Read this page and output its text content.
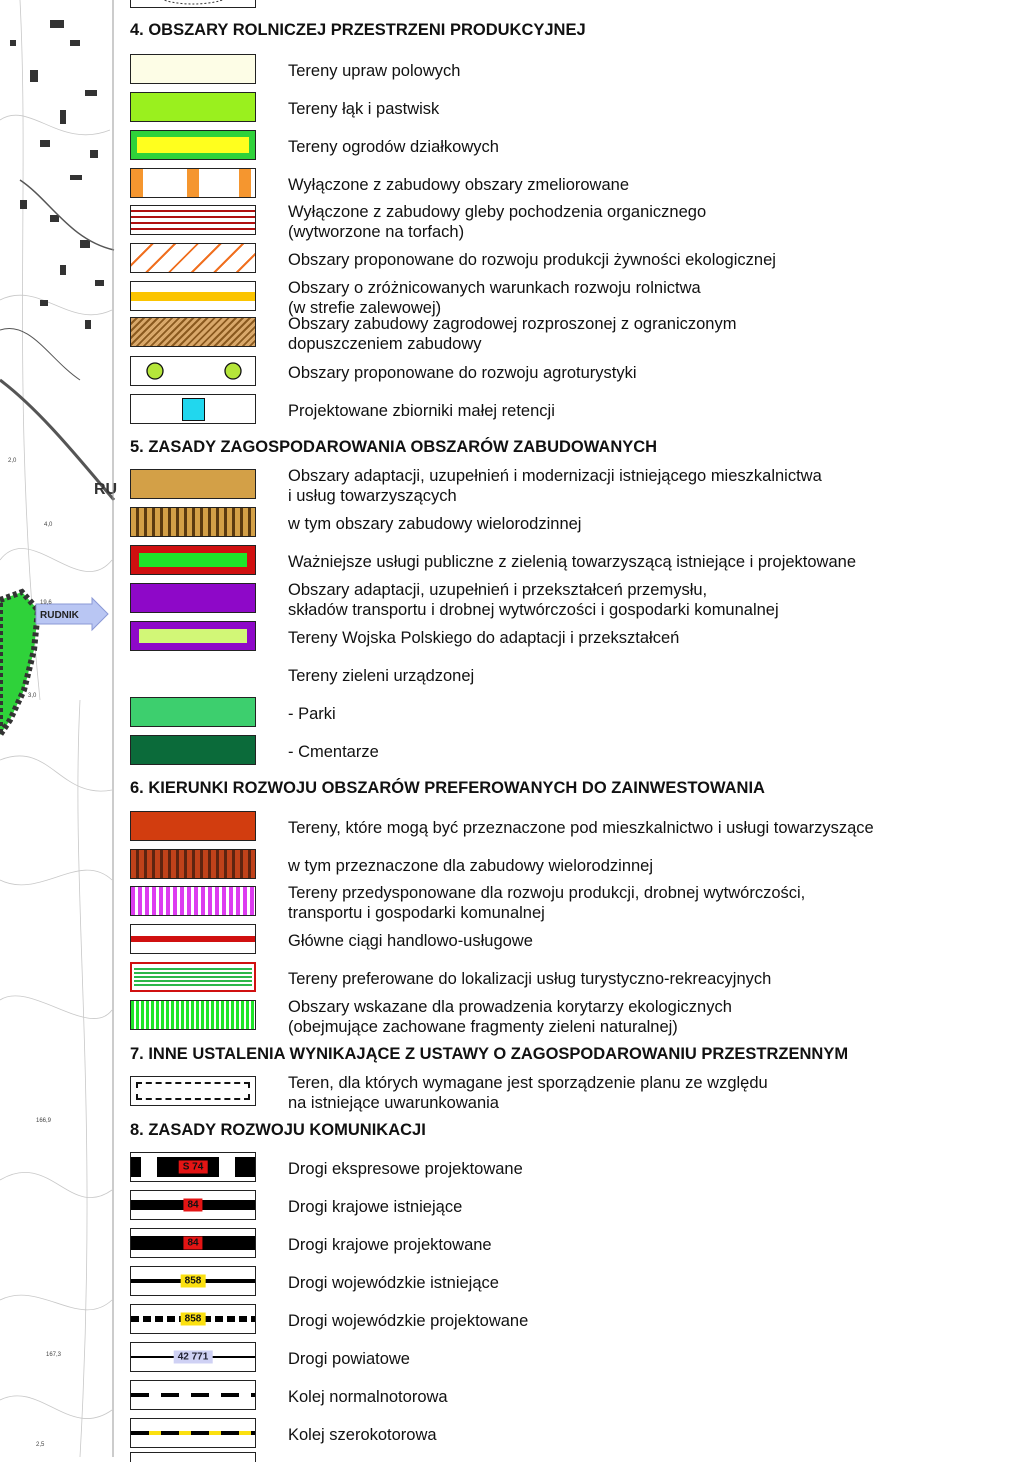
RUDNIK
RU
2,0
4,0
3,0
19,6
166,9
167,3
2,5
4. OBSZARY ROLNICZEJ PRZESTRZENI PRODUKCYJNEJ
Tereny upraw polowych
Tereny łąk i pastwisk
Tereny ogrodów działkowych
Wyłączone z zabudowy obszary zmeliorowane
Wyłączone z zabudowy gleby pochodzenia organicznego
(wytworzone na torfach)
Obszary proponowane do rozwoju produkcji żywności ekologicznej
Obszary o zróżnicowanych warunkach rozwoju rolnictwa
(w strefie zalewowej)
Obszary zabudowy zagrodowej rozproszonej z ograniczonym
dopuszczeniem zabudowy
Obszary proponowane do rozwoju agroturystyki
Projektowane zbiorniki małej retencji
5. ZASADY ZAGOSPODAROWANIA OBSZARÓW ZABUDOWANYCH
Obszary adaptacji, uzupełnień i modernizacji istniejącego mieszkalnictwa
i usług towarzyszących
w tym obszary zabudowy wielorodzinnej
Ważniejsze usługi publiczne z zielenią towarzyszącą istniejące i projektowane
Obszary adaptacji, uzupełnień i przekształceń przemysłu,
składów transportu i drobnej wytwórczości i gospodarki komunalnej
Tereny Wojska Polskiego do adaptacji i przekształceń
Tereny zieleni urządzonej
- Parki
- Cmentarze
6. KIERUNKI ROZWOJU OBSZARÓW PREFEROWANYCH DO ZAINWESTOWANIA
Tereny, które mogą być przeznaczone pod mieszkalnictwo i usługi towarzyszące
w tym przeznaczone dla zabudowy wielorodzinnej
Tereny przedysponowane dla rozwoju produkcji, drobnej wytwórczości,
transportu i gospodarki komunalnej
Główne ciągi handlowo-usługowe
Tereny preferowane do lokalizacji usług turystyczno-rekreacyjnych
Obszary wskazane dla prowadzenia korytarzy ekologicznych
(obejmujące zachowane fragmenty zieleni naturalnej)
7. INNE USTALENIA WYNIKAJĄCE Z USTAWY O ZAGOSPODAROWANIU PRZESTRZENNYM
Teren, dla których wymagane jest sporządzenie planu ze względu
na istniejące uwarunkowania
8. ZASADY ROZWOJU KOMUNIKACJI
S 74	Drogi ekspresowe projektowane
84	Drogi krajowe istniejące
84	Drogi krajowe projektowane
858	Drogi wojewódzkie istniejące
858	Drogi wojewódzkie projektowane
42 771	Drogi powiatowe
Kolej normalnotorowa
Kolej szerokotorowa
